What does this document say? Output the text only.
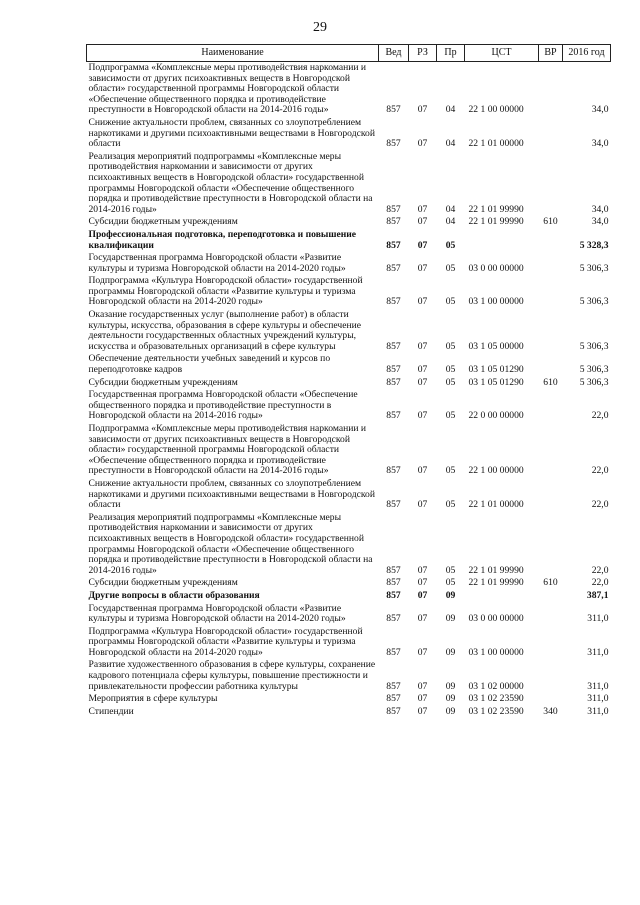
29
Наименование	Вед	РЗ	Пр	ЦСТ	ВР	2016 год
Подпрограмма «Комплексные меры противодействия наркомании и зависимости от других психоактивных веществ в Новгородской области» государственной программы Новгородской области «Обеспечение общественного порядка и противодействие преступности в Новгородской области на 2014-2016 годы»	857	07	04	22 1 00 00000		34,0
Снижение актуальности проблем, связанных со злоупотреблением наркотиками и другими психоактивными веществами в Новгородской области	857	07	04	22 1 01 00000		34,0
Реализация мероприятий подпрограммы «Комплексные меры противодействия наркомании и зависимости от других психоактивных веществ в Новгородской области» государственной программы Новгородской области «Обеспечение общественного порядка и противодействие преступности в Новгородской области на 2014-2016 годы»	857	07	04	22 1 01 99990		34,0
Субсидии бюджетным учреждениям	857	07	04	22 1 01 99990	610	34,0
Профессиональная подготовка, переподготовка и повышение квалификации	857	07	05			5 328,3
Государственная программа Новгородской области «Развитие культуры и туризма Новгородской области на 2014-2020 годы»	857	07	05	03 0 00 00000		5 306,3
Подпрограмма «Культура Новгородской области» государственной программы Новгородской области «Развитие культуры и туризма Новгородской области на 2014-2020 годы»	857	07	05	03 1 00 00000		5 306,3
Оказание государственных услуг (выполнение работ) в области культуры, искусства, образования в сфере культуры и обеспечение деятельности государственных областных учреждений культуры, искусства и образовательных организаций в сфере культуры	857	07	05	03 1 05 00000		5 306,3
Обеспечение деятельности учебных заведений и курсов по переподготовке кадров	857	07	05	03 1 05 01290		5 306,3
Субсидии бюджетным учреждениям	857	07	05	03 1 05 01290	610	5 306,3
Государственная программа Новгородской области «Обеспечение общественного порядка и противодействие преступности в Новгородской области на 2014-2016 годы»	857	07	05	22 0 00 00000		22,0
Подпрограмма «Комплексные меры противодействия наркомании и зависимости от других психоактивных веществ в Новгородской области» государственной программы Новгородской области «Обеспечение общественного порядка и противодействие преступности в Новгородской области на 2014-2016 годы»	857	07	05	22 1 00 00000		22,0
Снижение актуальности проблем, связанных со злоупотреблением наркотиками и другими психоактивными веществами в Новгородской области	857	07	05	22 1 01 00000		22,0
Реализация мероприятий подпрограммы «Комплексные меры противодействия наркомании и зависимости от других психоактивных веществ в Новгородской области» государственной программы Новгородской области «Обеспечение общественного порядка и противодействие преступности в Новгородской области на 2014-2016 годы»	857	07	05	22 1 01 99990		22,0
Субсидии бюджетным учреждениям	857	07	05	22 1 01 99990	610	22,0
Другие вопросы в области образования	857	07	09			387,1
Государственная программа Новгородской области «Развитие культуры и туризма Новгородской области на 2014-2020 годы»	857	07	09	03 0 00 00000		311,0
Подпрограмма «Культура Новгородской области» государственной программы Новгородской области «Развитие культуры и туризма Новгородской области на 2014-2020 годы»	857	07	09	03 1 00 00000		311,0
Развитие художественного образования в сфере культуры, сохранение кадрового потенциала сферы культуры, повышение престижности и привлекательности профессии работника культуры	857	07	09	03 1 02 00000		311,0
Мероприятия в сфере культуры	857	07	09	03 1 02 23590		311,0
Стипендии	857	07	09	03 1 02 23590	340	311,0
